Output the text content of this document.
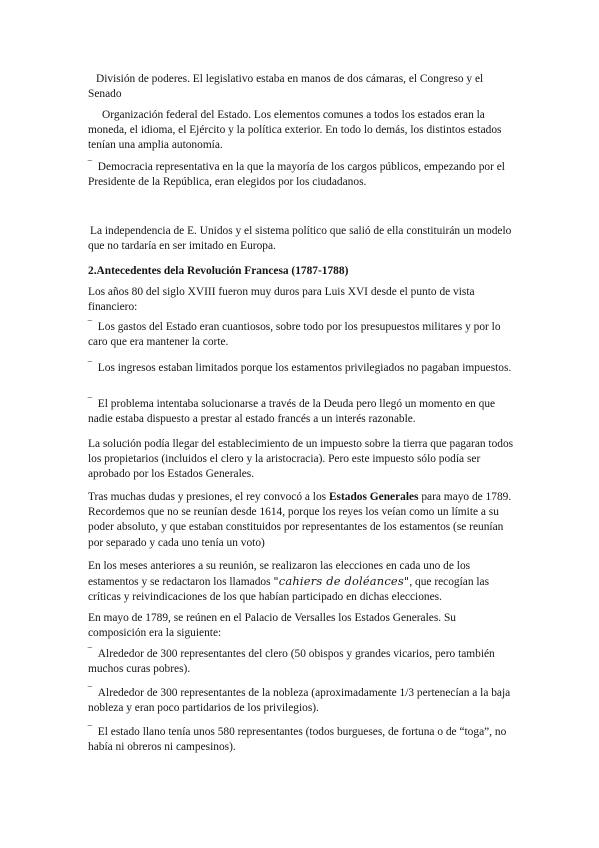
División de poderes. El legislativo estaba en manos de dos cámaras, el Congreso y el Senado

Organización federal del Estado. Los elementos comunes a todos los estados eran la moneda, el idioma, el Ejército y la política exterior. En todo lo demás, los distintos estados tenían una amplia autonomía.

‾ Democracia representativa en la que la mayoría de los cargos públicos, empezando por el Presidente de la República, eran elegidos por los ciudadanos.

La independencia de E. Unidos y el sistema político que salió de ella constituirán un modelo que no tardaría en ser imitado en Europa.

2.Antecedentes dela Revolución Francesa (1787-1788)

Los años 80 del siglo XVIII fueron muy duros para Luis XVI desde el punto de vista financiero:

‾ Los gastos del Estado eran cuantiosos, sobre todo por los presupuestos militares y por lo caro que era mantener la corte.

‾ Los ingresos estaban limitados porque los estamentos privilegiados no pagaban impuestos.

‾ El problema intentaba solucionarse a través de la Deuda pero llegó un momento en que nadie estaba dispuesto a prestar al estado francés a un interés razonable.

La solución podía llegar del establecimiento de un impuesto sobre la tierra que pagaran todos los propietarios (incluidos el clero y la aristocracia). Pero este impuesto sólo podía ser aprobado por los Estados Generales.

Tras muchas dudas y presiones, el rey convocó a los Estados Generales para mayo de 1789. Recordemos que no se reunían desde 1614, porque los reyes los veían como un límite a su poder absoluto, y que estaban constituidos por representantes de los estamentos (se reunían por separado y cada uno tenía un voto)

En los meses anteriores a su reunión, se realizaron las elecciones en cada uno de los estamentos y se redactaron los llamados "cahiers de doléances", que recogían las críticas y reivindicaciones de los que habían participado en dichas elecciones.

En mayo de 1789, se reúnen en el Palacio de Versalles los Estados Generales. Su composición era la siguiente:

‾ Alrededor de 300 representantes del clero (50 obispos y grandes vicarios, pero también muchos curas pobres).

‾ Alrededor de 300 representantes de la nobleza (aproximadamente 1/3 pertenecían a la baja nobleza y eran poco partidarios de los privilegios).

‾ El estado llano tenía unos 580 representantes (todos burgueses, de fortuna o de “toga”, no había ni obreros ni campesinos).
